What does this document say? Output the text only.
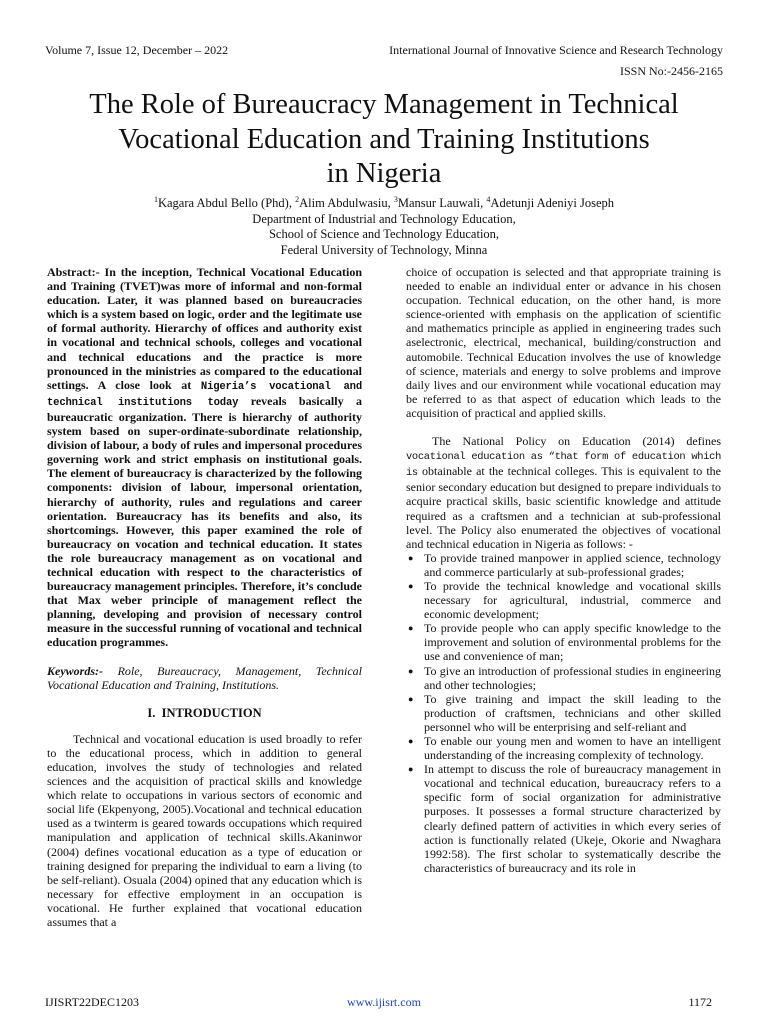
Volume 7, Issue 12, December – 2022	International Journal of Innovative Science and Research Technology
ISSN No:-2456-2165
The Role of Bureaucracy Management in Technical
Vocational Education and Training Institutions
in Nigeria
$^1$Kagara Abdul Bello (Phd), $^2$Alim Abdulwasiu, $^3$Mansur Lauwali, $^4$Adetunji Adeniyi Joseph
Department of Industrial and Technology Education,
School of Science and Technology Education,
Federal University of Technology, Minna

Abstract:- In the inception, Technical Vocational Education and Training (TVET)was more of informal and non-formal education. Later, it was planned based on bureaucracies which is a system based on logic, order and the legitimate use of formal authority. Hierarchy of offices and authority exist in vocational and technical schools, colleges and vocational and technical educations and the practice is more pronounced in the ministries as compared to the educational settings. A close look at Nigeria’s vocational and technical institutions today reveals basically a bureaucratic organization. There is hierarchy of authority system based on super-ordinate-subordinate relationship, division of labour, a body of rules and impersonal procedures governing work and strict emphasis on institutional goals. The element of bureaucracy is characterized by the following components: division of labour, impersonal orientation, hierarchy of authority, rules and regulations and career orientation. Bureaucracy has its benefits and also, its shortcomings. However, this paper examined the role of bureaucracy on vocation and technical education. It states the role bureaucracy management as on vocational and technical education with respect to the characteristics of bureaucracy management principles. Therefore, it’s conclude that Max weber principle of management reflect the planning, developing and provision of necessary control measure in the successful running of vocational and technical education programmes.

Keywords:- Role, Bureaucracy, Management, Technical Vocational Education and Training, Institutions.

I.  INTRODUCTION

Technical and vocational education is used broadly to refer to the educational process, which in addition to general education, involves the study of technologies and related sciences and the acquisition of practical skills and knowledge which relate to occupations in various sectors of economic and social life (Ekpenyong, 2005).Vocational and technical education used as a twinterm is geared towards occupations which required manipulation and application of technical skills.Akaninwor (2004) defines vocational education as a type of education or training designed for preparing the individual to earn a living (to be self-reliant). Osuala (2004) opined that any education which is necessary for effective employment in an occupation is vocational. He further explained that vocational education assumes that a

choice of occupation is selected and that appropriate training is needed to enable an individual enter or advance in his chosen occupation. Technical education, on the other hand, is more science-oriented with emphasis on the application of scientific and mathematics principle as applied in engineering trades such aselectronic, electrical, mechanical, building/construction and automobile. Technical Education involves the use of knowledge of science, materials and energy to solve problems and improve daily lives and our environment while vocational education may be referred to as that aspect of education which leads to the acquisition of practical and applied skills.

The National Policy on Education (2014) defines vocational education as “that form of education which is obtainable at the technical colleges. This is equivalent to the senior secondary education but designed to prepare individuals to acquire practical skills, basic scientific knowledge and attitude required as a craftsmen and a technician at sub-professional level. The Policy also enumerated the objectives of vocational and technical education in Nigeria as follows: -

● To provide trained manpower in applied science, technology and commerce particularly at sub-professional grades;
● To provide the technical knowledge and vocational skills necessary for agricultural, industrial, commerce and economic development;
● To provide people who can apply specific knowledge to the improvement and solution of environmental problems for the use and convenience of man;
● To give an introduction of professional studies in engineering and other technologies;
● To give training and impact the skill leading to the production of craftsmen, technicians and other skilled personnel who will be enterprising and self-reliant and
● To enable our young men and women to have an intelligent understanding of the increasing complexity of technology.
● In attempt to discuss the role of bureaucracy management in vocational and technical education, bureaucracy refers to a specific form of social organization for administrative purposes. It possesses a formal structure characterized by clearly defined pattern of activities in which every series of action is functionally related (Ukeje, Okorie and Nwaghara 1992:58). The first scholar to systematically describe the characteristics of bureaucracy and its role in
IJISRT22DEC1203	www.ijisrt.com	1172
